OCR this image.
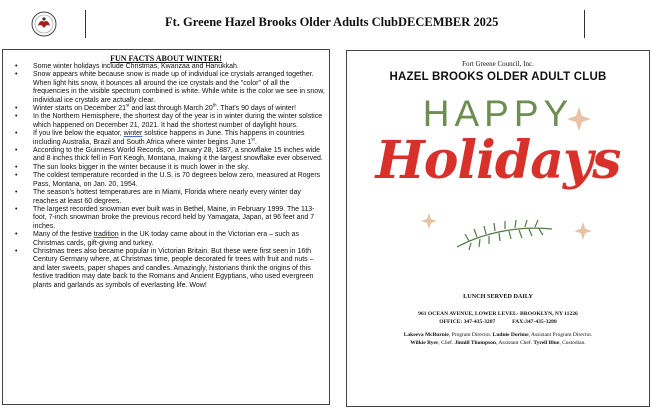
Ft. Greene Hazel Brooks Older Adults ClubDECEMBER 2025
FUN FACTS ABOUT WINTER!
• Some winter holidays include Christmas, Kwanzaa and Hanukkah.
• Snow appears white because snow is made up of individual ice crystals arranged together. When light hits snow, it bounces all around the ice crystals and the "color" of all the frequencies in the visible spectrum combined is white. While white is the color we see in snow, individual ice crystals are actually clear.
• Winter starts on December 21st and last through March 20th. That's 90 days of winter!
• In the Northern Hemisphere, the shortest day of the year is in winter during the winter solstice which happened on December 21, 2021. It had the shortest number of daylight hours.
• If you live below the equator, winter solstice happens in June. This happens in countries including Australia, Brazil and South Africa where winter begins June 1st.
• According to the Guinness World Records, on January 28, 1887, a snowflake 15 inches wide and 8 inches thick fell in Fort Keogh, Montana, making it the largest snowflake ever observed.
• The sun looks bigger in the winter because it is much lower in the sky.
• The coldest temperature recorded in the U.S. is 70 degrees below zero, measured at Rogers Pass, Montana, on Jan. 20, 1954.
• The season's hottest temperatures are in Miami, Florida where nearly every winter day reaches at least 60 degrees.
• The largest recorded snowman ever built was in Bethel, Maine, in February 1999. The 113-foot, 7-inch snowman broke the previous record held by Yamagata, Japan, at 96 feet and 7 inches.
• Many of the festive tradition in the UK today came about in the Victorian era – such as Christmas cards, gift-giving and turkey.
• Christmas trees also became popular in Victorian Britain. But these were first seen in 16th Century Germany where, at Christmas time, people decorated fir trees with fruit and nuts – and later sweets, paper shapes and candles. Amazingly, historians think the origins of this festive tradition may date back to the Romans and Ancient Egyptians, who used evergreen plants and garlands as symbols of everlasting life. Wow!
Fort Greene Council, Inc.
HAZEL BROOKS OLDER ADULT CLUB
HAPPY
Holidays
LUNCH SERVED DAILY
961 OCEAN AVENUE, LOWER LEVEL- BROOKLYN, NY 11226
OFFICE: 347-435-3287	FAX:347-435-3288
Lakeeva McBurnie, Program Director. Ludnie Dorime, Assistant Program Director.
Wilkie Byer, Chef. Jinnill Thompson, Assistant Chef. Tyrell Blue, Custodian.
